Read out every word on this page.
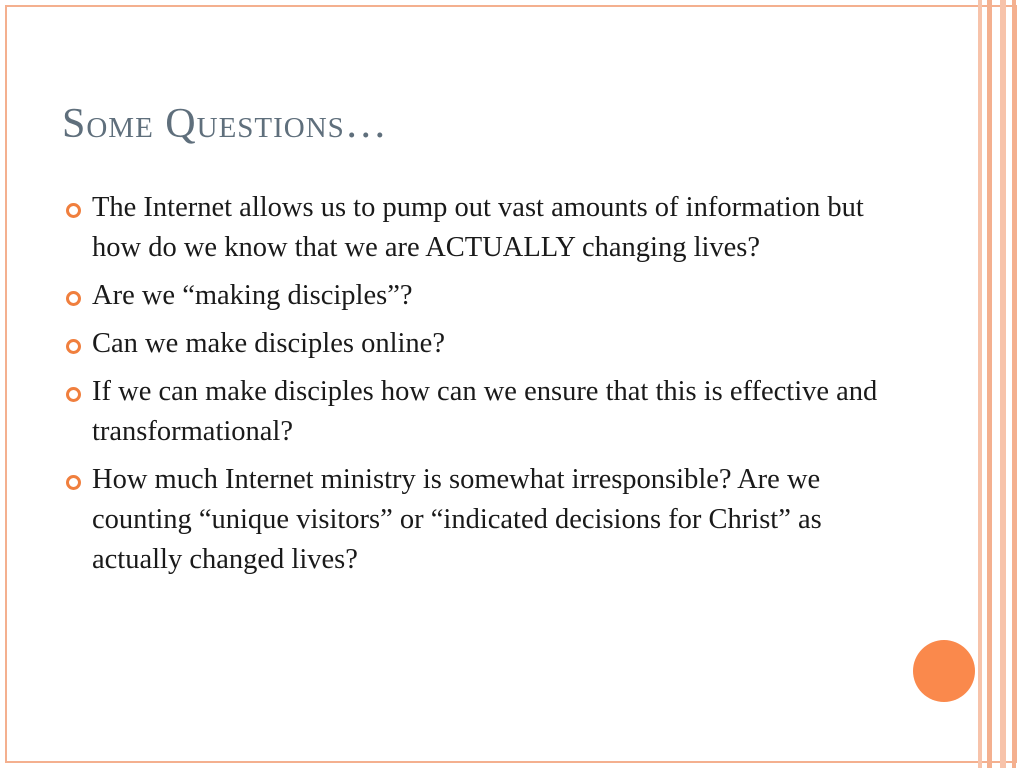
Some Questions…
The Internet allows us to pump out vast amounts of information but how do we know that we are ACTUALLY changing lives?
Are we “making disciples”?
Can we make disciples online?
If we can make disciples how can we ensure that this is effective and transformational?
How much Internet ministry is somewhat irresponsible? Are we counting “unique visitors” or “indicated decisions for Christ” as actually changed lives?
